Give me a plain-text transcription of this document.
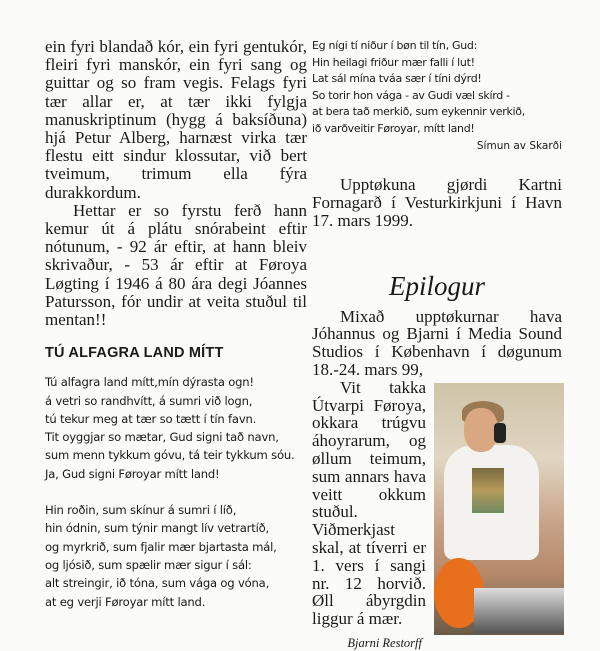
ein fyri blandað kór, ein fyri gentukór, fleiri fyri manskór, ein fyri sang og guittar og so fram vegis. Felags fyri tær allar er, at tær ikki fylgja manuskriptinum (hygg á baksíðuna) hjá Petur Alberg, harnæst virka tær flestu eitt sindur klossutar, við bert tveimum, trimum ella fýra durakkordum.

Hettar er so fyrstu ferð hann kemur út á plátu snórabeint eftir nótunum, - 92 ár eftir, at hann bleiv skrivaður, - 53 ár eftir at Føroya Løgting í 1946 á 80 ára degi Jóannes Patursson, fór undir at veita stuðul til mentan!!

TÚ ALFAGRA LAND MÍTT
Tú alfagra land mítt,mín dýrasta ogn!
á vetri so randhvítt, á sumri við logn,
tú tekur meg at tær so tætt í tín favn.
Tit oyggjar so mætar, Gud signi tað navn,
sum menn tykkum góvu, tá teir tykkum sóu.
Ja, Gud signi Føroyar mítt land!
Hin roðin, sum skínur á sumri í líð,
hin ódnin, sum týnir mangt lív vetrartíð,
og myrkrið, sum fjalir mær bjartasta mál,
og ljósið, sum spælir mær sigur í sál:
alt streingir, ið tóna, sum vága og vóna,
at eg verji Føroyar mítt land.
Eg nígi tí niður í bøn til tín, Gud:
Hin heilagi friður mær falli í lut!
Lat sál mína tváa sær í tíni dýrd!
So torir hon vága - av Gudi væl skírd -
at bera tað merkið, sum eykennir verkið,
ið varðveitir Føroyar, mítt land!
Símun av Skarði

Upptøkuna gjørdi Kartni Fornagarð í Vesturkirkjuni í Havn 17. mars 1999.

Epilogur

Mixað upptøkurnar hava Jóhannus og Bjarni í Media Sound Studios í København í døgunum 18.-24. mars 99,

Vit takka Útvarpi Føroya, okkara trúgvu áhoyrarum, og øllum teimum, sum annars hava veitt okkum stuðul. Viðmerkjast skal, at tíverri er 1. vers í sangi nr. 12 horvið. Øll ábyrgdin liggur á mær.

Bjarni Restorff
